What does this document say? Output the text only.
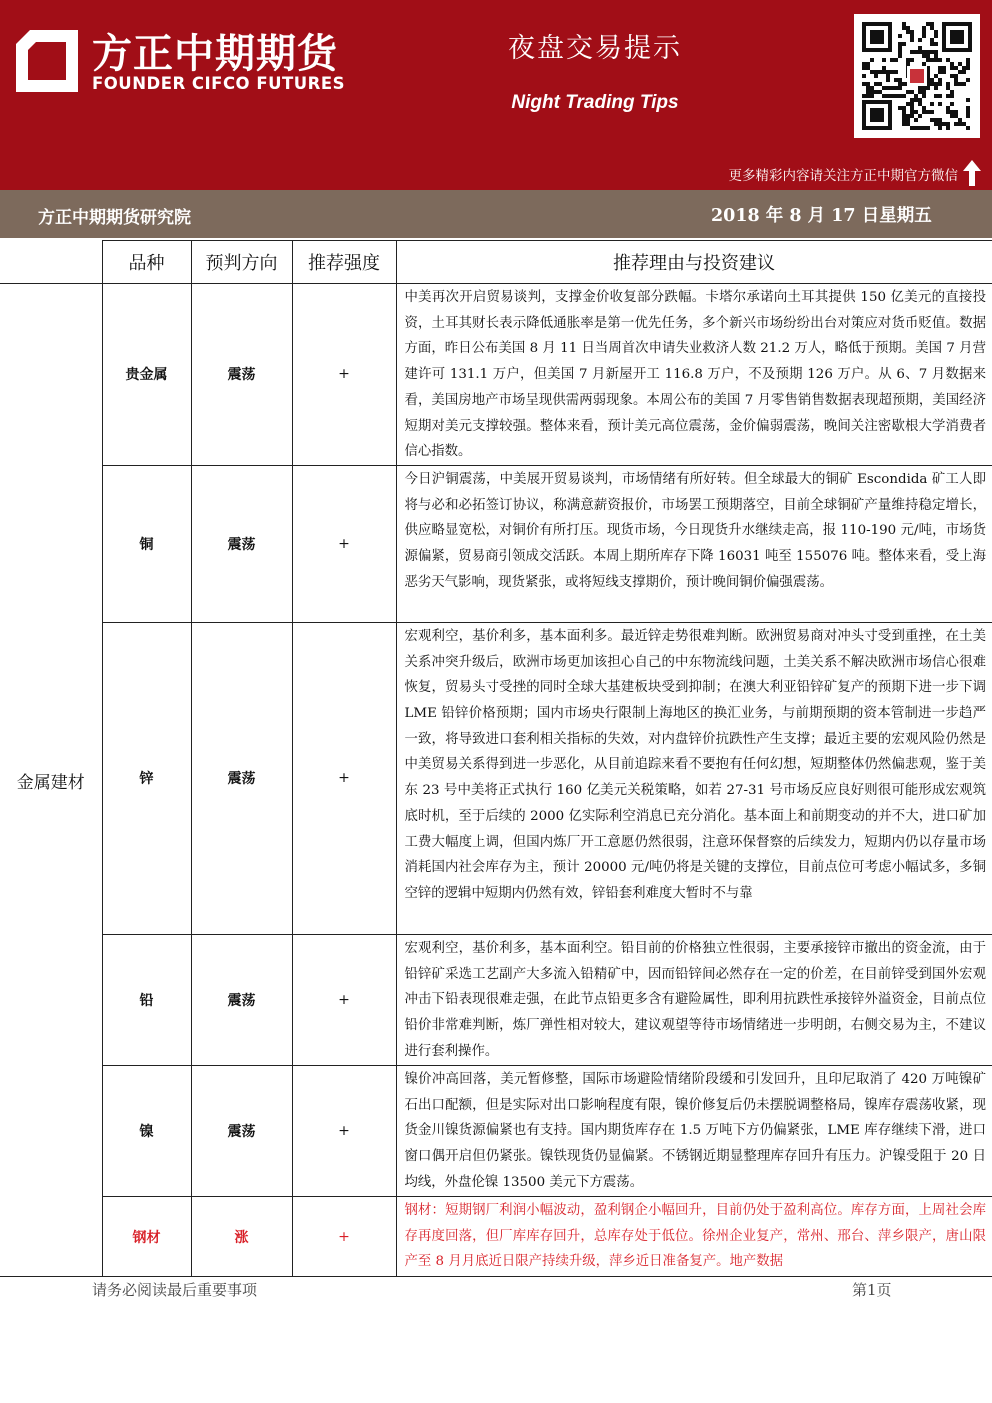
方正中期期货
FOUNDER CIFCO FUTURES
夜盘交易提示
Night Trading Tips
更多精彩内容请关注方正中期官方微信
方正中期期货研究院	2018 年 8 月 17 日星期五
	品种	预判方向	推荐强度	推荐理由与投资建议
金属建材	贵金属	震荡	+	中美再次开启贸易谈判，支撑金价收复部分跌幅。卡塔尔承诺向土耳其提供 150 亿美元的直接投资，土耳其财长表示降低通胀率是第一优先任务，多个新兴市场纷纷出台对策应对货币贬值。数据方面，昨日公布美国 8 月 11 日当周首次申请失业救济人数 21.2 万人，略低于预期。美国 7 月营建许可 131.1 万户，但美国 7 月新屋开工 116.8 万户，不及预期 126 万户。从 6、7 月数据来看，美国房地产市场呈现供需两弱现象。本周公布的美国 7 月零售销售数据表现超预期，美国经济短期对美元支撑较强。整体来看，预计美元高位震荡，金价偏弱震荡，晚间关注密歇根大学消费者信心指数。
	铜	震荡	+	今日沪铜震荡，中美展开贸易谈判，市场情绪有所好转。但全球最大的铜矿 Escondida 矿工人即将与必和必拓签订协议，称满意薪资报价，市场罢工预期落空，目前全球铜矿产量维持稳定增长，供应略显宽松，对铜价有所打压。现货市场，今日现货升水继续走高，报 110-190 元/吨，市场货源偏紧，贸易商引领成交活跃。本周上期所库存下降 16031 吨至 155076 吨。整体来看，受上海恶劣天气影响，现货紧张，或将短线支撑期价，预计晚间铜价偏强震荡。
	锌	震荡	+	宏观利空，基价利多，基本面利多。最近锌走势很难判断。欧洲贸易商对冲头寸受到重挫，在土美关系冲突升级后，欧洲市场更加该担心自己的中东物流线问题，土美关系不解决欧洲市场信心很难恢复，贸易头寸受挫的同时全球大基建板块受到抑制；在澳大利亚铅锌矿复产的预期下进一步下调 LME 铅锌价格预期；国内市场央行限制上海地区的换汇业务，与前期预期的资本管制进一步趋严一致，将导致进口套利相关指标的失效，对内盘锌价抗跌性产生支撑；最近主要的宏观风险仍然是中美贸易关系得到进一步恶化，从目前追踪来看不要抱有任何幻想，短期整体仍然偏悲观，鉴于美东 23 号中美将正式执行 160 亿美元关税策略，如若 27-31 号市场反应良好则很可能形成宏观筑底时机，至于后续的 2000 亿实际利空消息已充分消化。基本面上和前期变动的并不大，进口矿加工费大幅度上调，但国内炼厂开工意愿仍然很弱，注意环保督察的后续发力，短期内仍以存量市场消耗国内社会库存为主，预计 20000 元/吨仍将是关键的支撑位，目前点位可考虑小幅试多，多铜空锌的逻辑中短期内仍然有效，锌铅套利难度大暂时不与靠
	铅	震荡	+	宏观利空，基价利多，基本面利空。铅目前的价格独立性很弱，主要承接锌市撤出的资金流，由于铅锌矿采选工艺副产大多流入铅精矿中，因而铅锌间必然存在一定的价差，在目前锌受到国外宏观冲击下铅表现很难走强，在此节点铅更多含有避险属性，即利用抗跌性承接锌外溢资金，目前点位铅价非常难判断，炼厂弹性相对较大，建议观望等待市场情绪进一步明朗，右侧交易为主，不建议进行套利操作。
	镍	震荡	+	镍价冲高回落，美元暂修整，国际市场避险情绪阶段缓和引发回升，且印尼取消了 420 万吨镍矿石出口配额，但是实际对出口影响程度有限，镍价修复后仍未摆脱调整格局，镍库存震荡收紧，现货金川镍货源偏紧也有支持。国内期货库存在 1.5 万吨下方仍偏紧张，LME 库存继续下滑，进口窗口偶开启但仍紧张。镍铁现货仍显偏紧。不锈钢近期显整理库存回升有压力。沪镍受阻于 20 日均线，外盘伦镍 13500 美元下方震荡。
	钢材	涨	+	钢材：短期钢厂利润小幅波动，盈利钢企小幅回升，目前仍处于盈利高位。库存方面，上周社会库存再度回落，但厂库库存回升，总库存处于低位。徐州企业复产，常州、邢台、萍乡限产，唐山限产至 8 月月底近日限产持续升级，萍乡近日准备复产。地产数据
请务必阅读最后重要事项	第1页
